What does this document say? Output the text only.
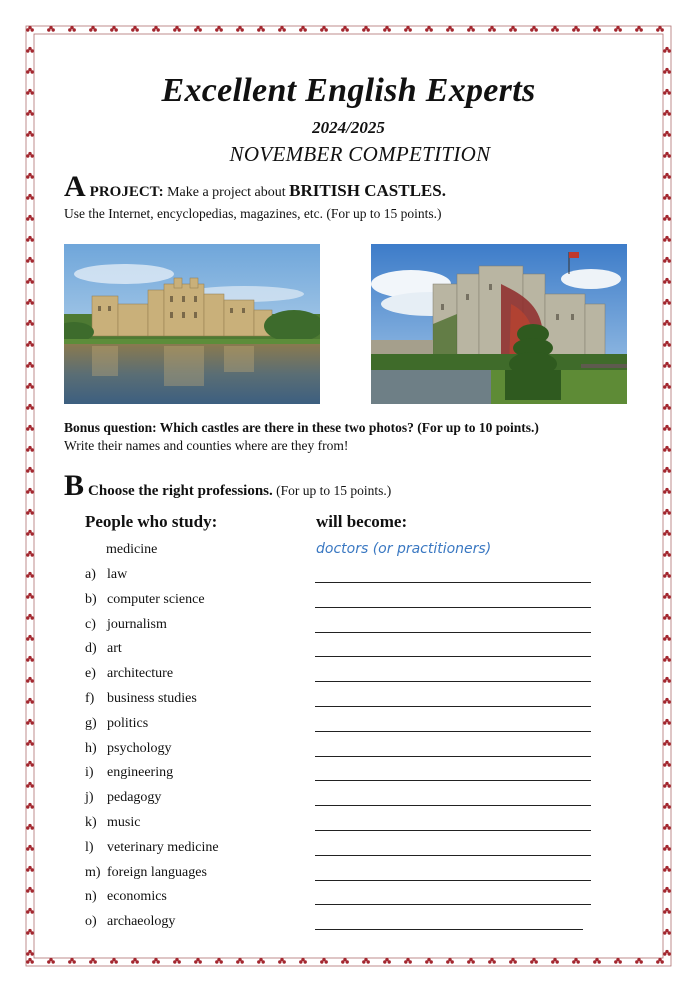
Excellent English Experts
2024/2025
NOVEMBER COMPETITION
A PROJECT: Make a project about BRITISH CASTLES.
Use the Internet, encyclopedias, magazines, etc. (For up to 15 points.)
Bonus question: Which castles are there in these two photos? (For up to 10 points.)
Write their names and counties where are they from!
B Choose the right professions. (For up to 15 points.)
People who study:	will become:
medicine	doctors (or practitioners)
a) law
b) computer science
c) journalism
d) art
e) architecture
f) business studies
g) politics
h) psychology
i) engineering
j) pedagogy
k) music
l) veterinary medicine
m) foreign languages
n) economics
o) archaeology
